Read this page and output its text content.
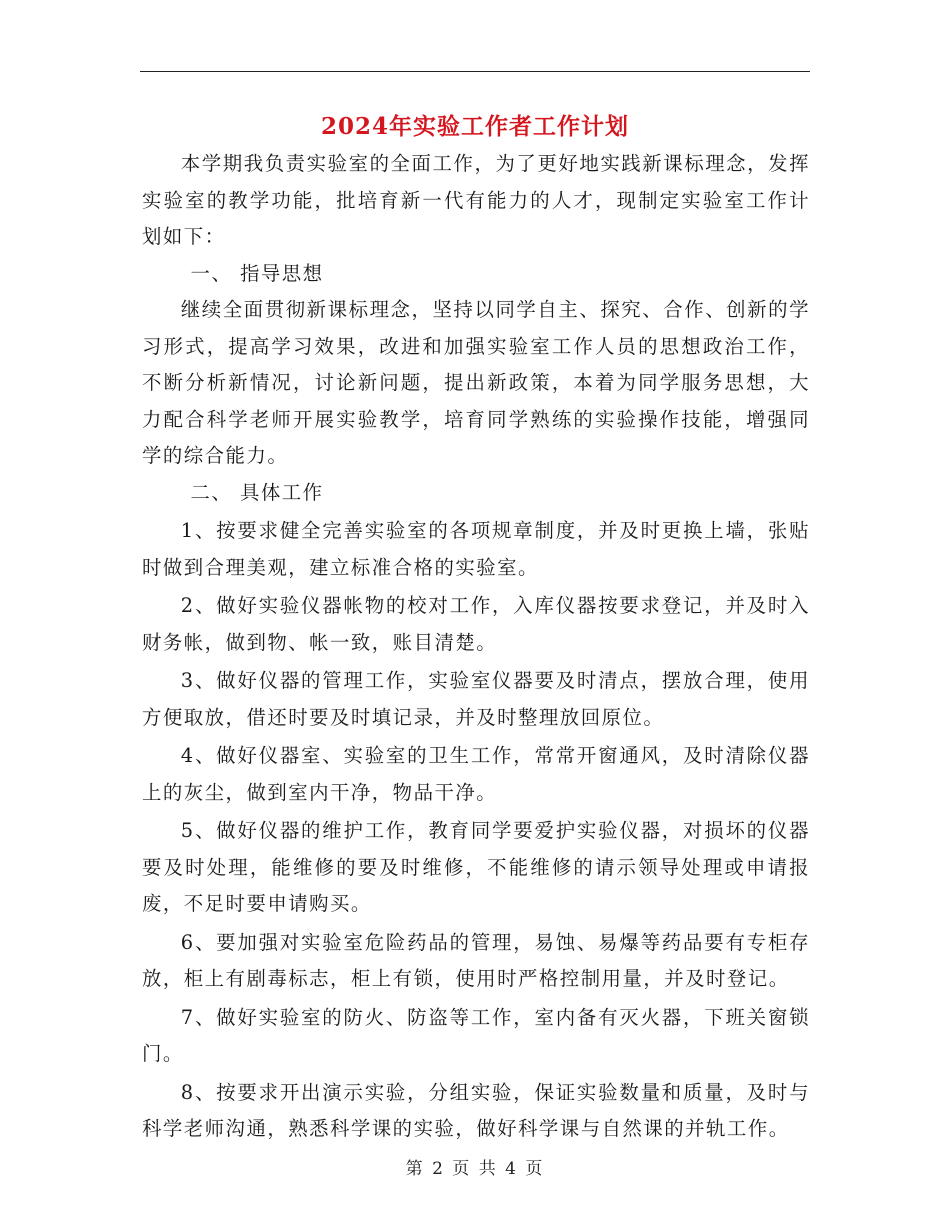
2024年实验工作者工作计划

本学期我负责实验室的全面工作，为了更好地实践新课标理念，发挥实验室的教学功能，批培育新一代有能力的人才，现制定实验室工作计划如下：

一、 指导思想

继续全面贯彻新课标理念，坚持以同学自主、探究、合作、创新的学习形式，提高学习效果，改进和加强实验室工作人员的思想政治工作，不断分析新情况，讨论新问题，提出新政策，本着为同学服务思想，大力配合科学老师开展实验教学，培育同学熟练的实验操作技能，增强同学的综合能力。

二、 具体工作

1、按要求健全完善实验室的各项规章制度，并及时更换上墙，张贴时做到合理美观，建立标准合格的实验室。

2、做好实验仪器帐物的校对工作，入库仪器按要求登记，并及时入财务帐，做到物、帐一致，账目清楚。

3、做好仪器的管理工作，实验室仪器要及时清点，摆放合理，使用方便取放，借还时要及时填记录，并及时整理放回原位。

4、做好仪器室、实验室的卫生工作，常常开窗通风，及时清除仪器上的灰尘，做到室内干净，物品干净。

5、做好仪器的维护工作，教育同学要爱护实验仪器，对损坏的仪器要及时处理，能维修的要及时维修，不能维修的请示领导处理或申请报废，不足时要申请购买。

6、要加强对实验室危险药品的管理，易蚀、易爆等药品要有专柜存放，柜上有剧毒标志，柜上有锁，使用时严格控制用量，并及时登记。

7、做好实验室的防火、防盗等工作，室内备有灭火器，下班关窗锁门。

8、按要求开出演示实验，分组实验，保证实验数量和质量，及时与科学老师沟通，熟悉科学课的实验，做好科学课与自然课的并轨工作。

第 2 页 共 4 页
